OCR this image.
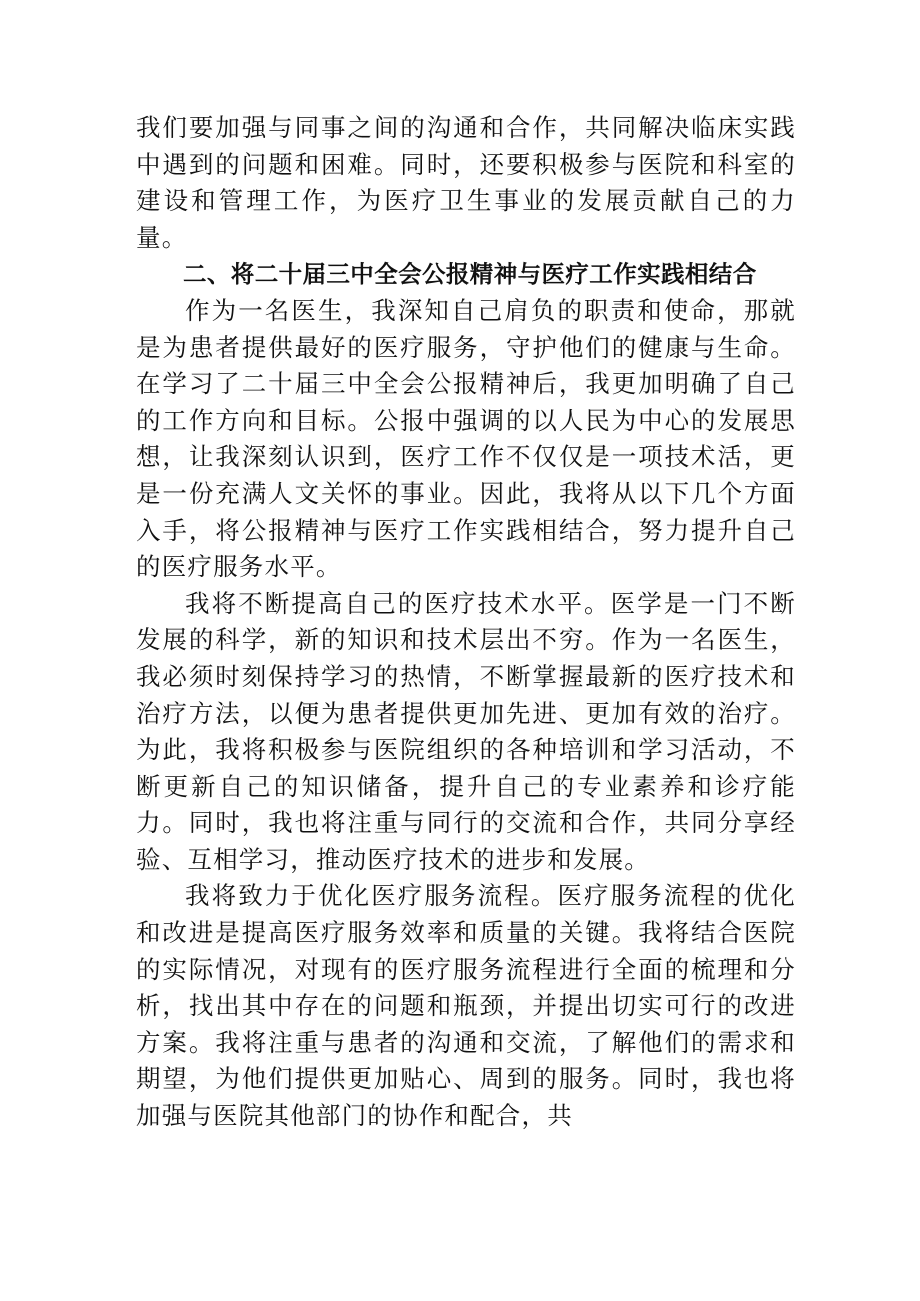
我们要加强与同事之间的沟通和合作，共同解决临床实践中遇到的问题和困难。同时，还要积极参与医院和科室的建设和管理工作，为医疗卫生事业的发展贡献自己的力量。

二、将二十届三中全会公报精神与医疗工作实践相结合

作为一名医生，我深知自己肩负的职责和使命，那就是为患者提供最好的医疗服务，守护他们的健康与生命。在学习了二十届三中全会公报精神后，我更加明确了自己的工作方向和目标。公报中强调的以人民为中心的发展思想，让我深刻认识到，医疗工作不仅仅是一项技术活，更是一份充满人文关怀的事业。因此，我将从以下几个方面入手，将公报精神与医疗工作实践相结合，努力提升自己的医疗服务水平。

我将不断提高自己的医疗技术水平。医学是一门不断发展的科学，新的知识和技术层出不穷。作为一名医生，我必须时刻保持学习的热情，不断掌握最新的医疗技术和治疗方法，以便为患者提供更加先进、更加有效的治疗。为此，我将积极参与医院组织的各种培训和学习活动，不断更新自己的知识储备，提升自己的专业素养和诊疗能力。同时，我也将注重与同行的交流和合作，共同分享经验、互相学习，推动医疗技术的进步和发展。

我将致力于优化医疗服务流程。医疗服务流程的优化和改进是提高医疗服务效率和质量的关键。我将结合医院的实际情况，对现有的医疗服务流程进行全面的梳理和分析，找出其中存在的问题和瓶颈，并提出切实可行的改进方案。我将注重与患者的沟通和交流，了解他们的需求和期望，为他们提供更加贴心、周到的服务。同时，我也将加强与医院其他部门的协作和配合，共
